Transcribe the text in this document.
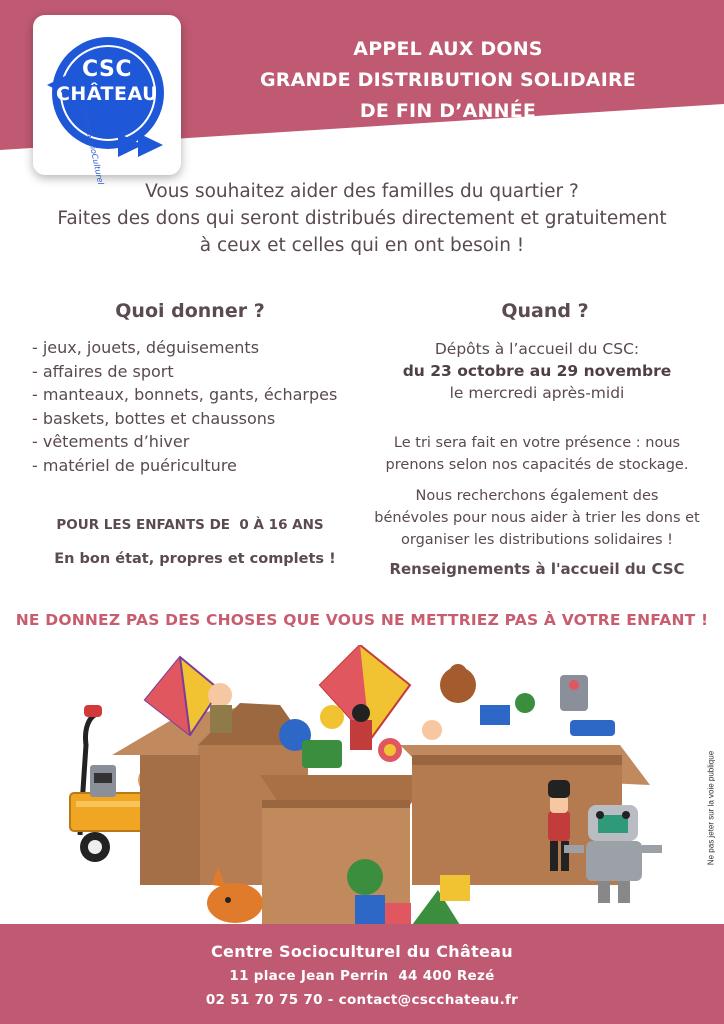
CSC
CHÂTEAU
Centre SocioCulturel
APPEL AUX DONS
GRANDE DISTRIBUTION SOLIDAIRE
DE FIN D’ANNÉE
Vous souhaitez aider des familles du quartier ?
Faites des dons qui seront distribués directement et gratuitement
à ceux et celles qui en ont besoin !
Quoi donner ?
- jeux, jouets, déguisements
- affaires de sport
- manteaux, bonnets, gants, écharpes
- baskets, bottes et chaussons
- vêtements d’hiver
- matériel de puériculture
POUR LES ENFANTS DE  0 À 16 ANS
En bon état, propres et complets !
Quand ?
Dépôts à l’accueil du CSC:
du 23 octobre au 29 novembre
le mercredi après-midi
Le tri sera fait en votre présence : nous
prenons selon nos capacités de stockage.
Nous recherchons également des
bénévoles pour nous aider à trier les dons et
organiser les distributions solidaires !
Renseignements à l'accueil du CSC
NE DONNEZ PAS DES CHOSES QUE VOUS NE METTRIEZ PAS À VOTRE ENFANT !
Ne pas jeter sur la voie publique
Centre Socioculturel du Château
11 place Jean Perrin  44 400 Rezé
02 51 70 75 70 - contact@cscchateau.fr
